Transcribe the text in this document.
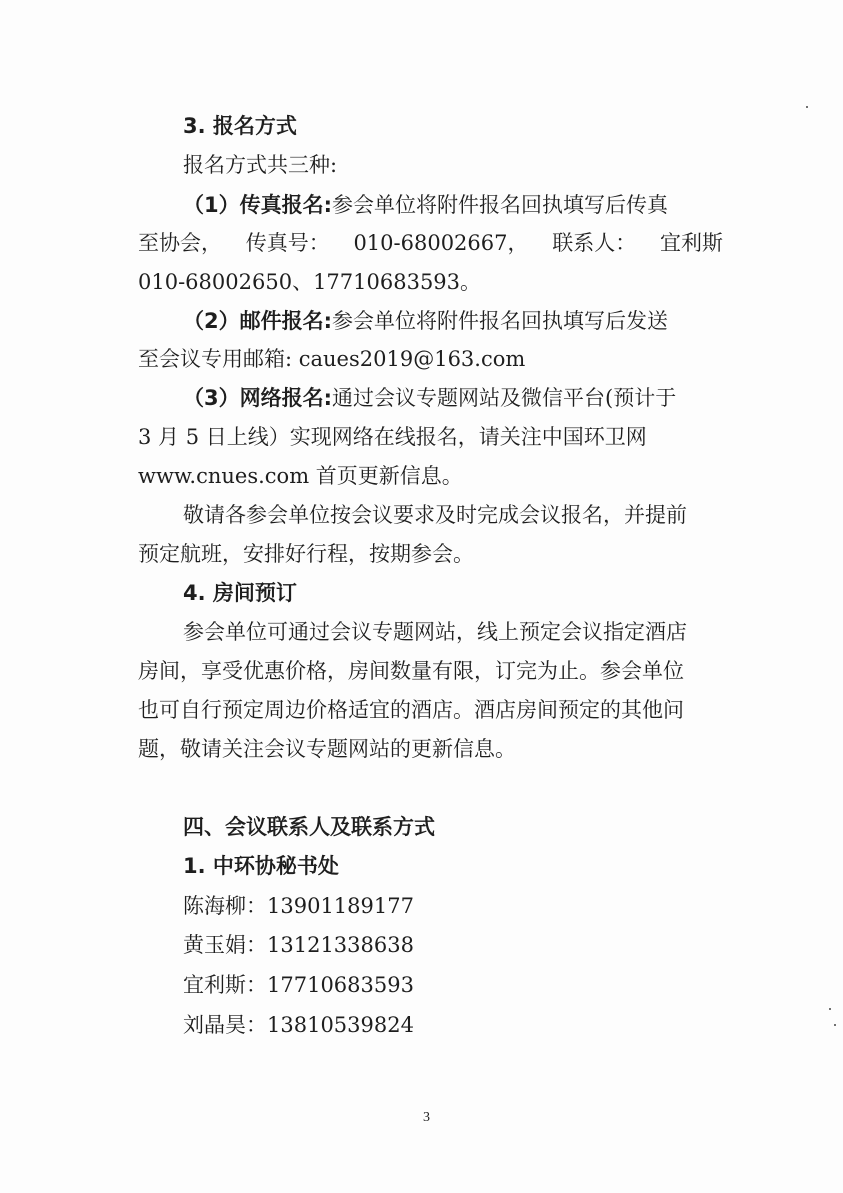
3. 报名方式
报名方式共三种:
（1）传真报名:参会单位将附件报名回执填写后传真
至协会， 传真号： 010-68002667， 联系人： 宜利斯
010-68002650、17710683593。
（2）邮件报名:参会单位将附件报名回执填写后发送
至会议专用邮箱: caues2019@163.com
（3）网络报名:通过会议专题网站及微信平台(预计于
3 月 5 日上线）实现网络在线报名，请关注中国环卫网
www.cnues.com 首页更新信息。
敬请各参会单位按会议要求及时完成会议报名，并提前
预定航班，安排好行程，按期参会。
4. 房间预订
参会单位可通过会议专题网站，线上预定会议指定酒店
房间，享受优惠价格，房间数量有限，订完为止。参会单位
也可自行预定周边价格适宜的酒店。酒店房间预定的其他问
题，敬请关注会议专题网站的更新信息。
四、会议联系人及联系方式
1. 中环协秘书处
陈海柳：13901189177
黄玉娟：13121338638
宜利斯：17710683593
刘晶昊：13810539824
3
